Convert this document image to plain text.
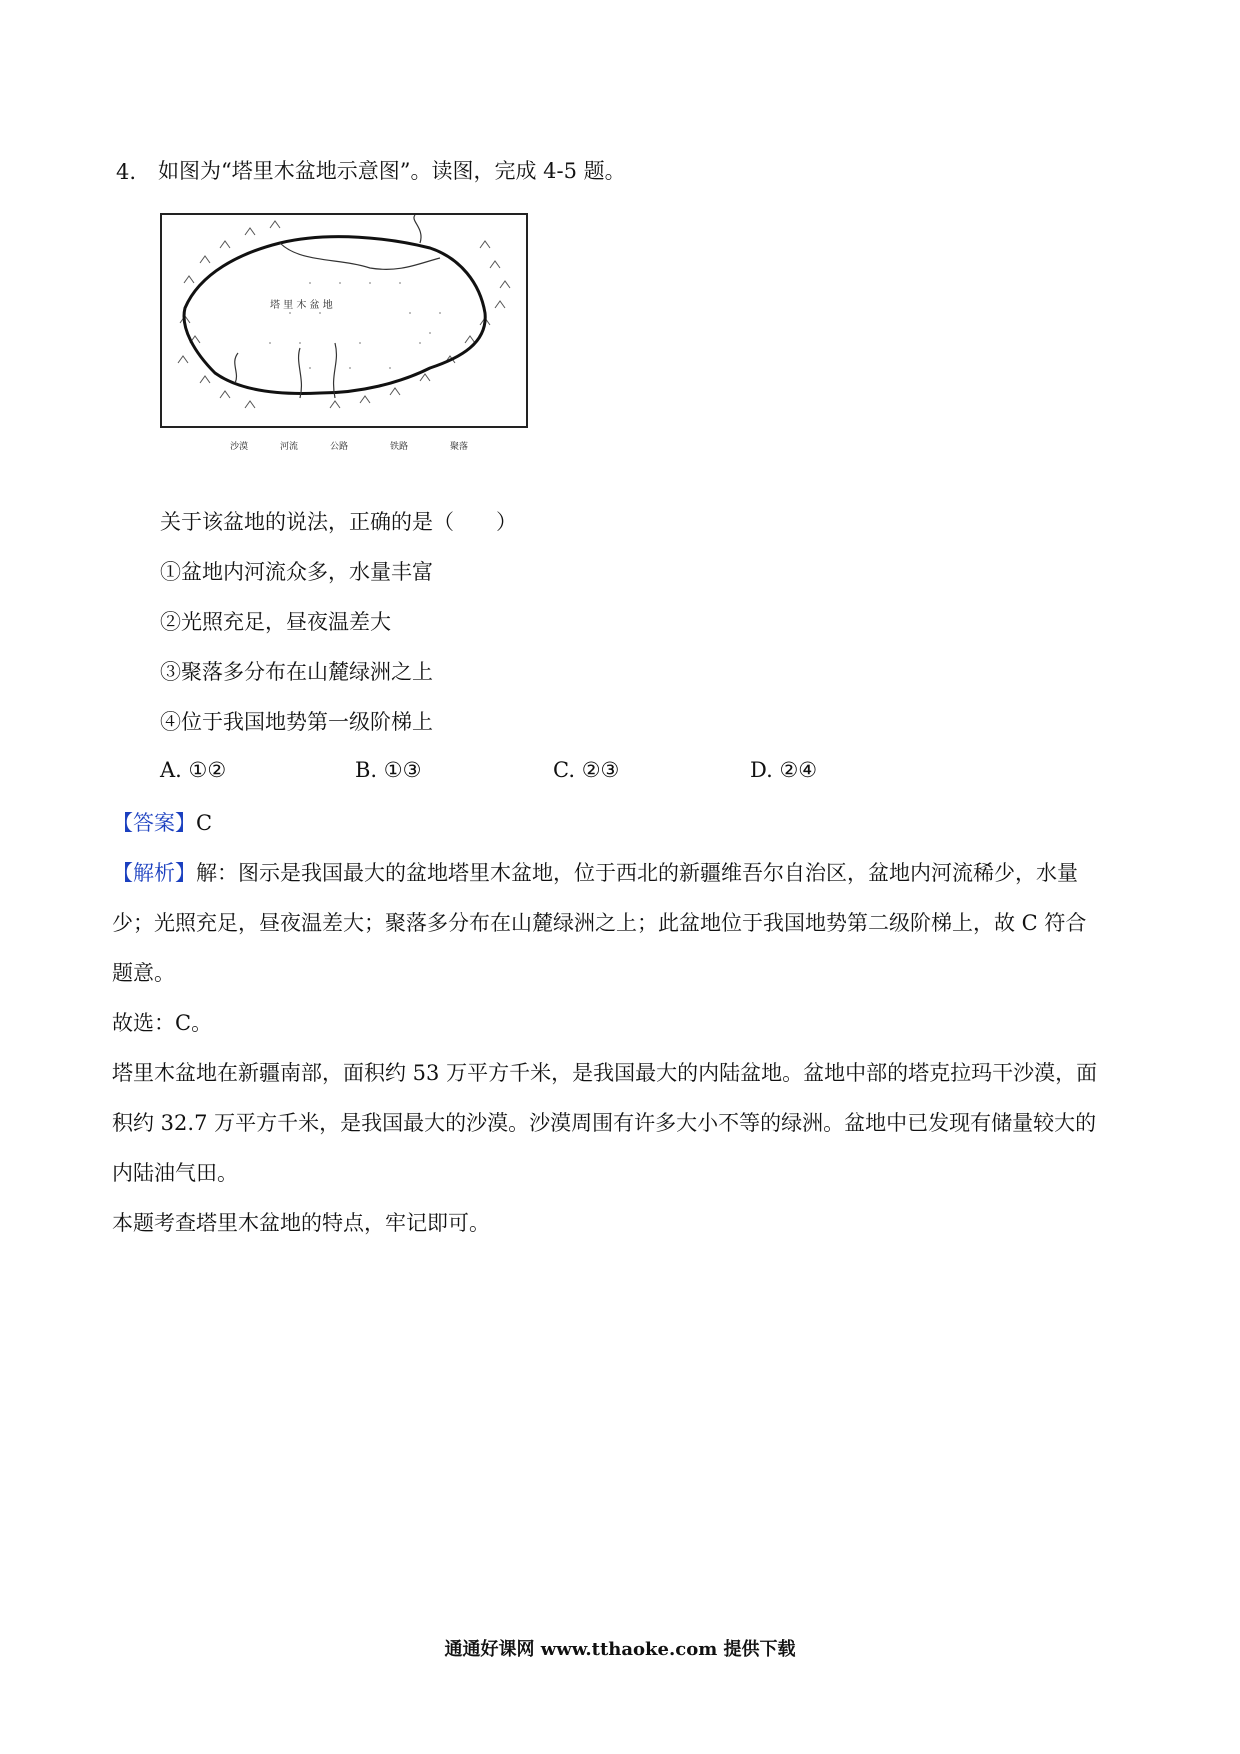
4. 如图为“塔里木盆地示意图”。读图，完成 4-5 题。
塔 里 木 盆 地
沙漠	河流	公路	铁路	聚落
关于该盆地的说法，正确的是（　　）
①盆地内河流众多，水量丰富
②光照充足，昼夜温差大
③聚落多分布在山麓绿洲之上
④位于我国地势第一级阶梯上
A. ①②	B. ①③	C. ②③	D. ②④
【答案】C
【解析】解：图示是我国最大的盆地塔里木盆地，位于西北的新疆维吾尔自治区，盆地内河流稀少，水量
少；光照充足，昼夜温差大；聚落多分布在山麓绿洲之上；此盆地位于我国地势第二级阶梯上，故 C 符合
题意。
故选：C。
塔里木盆地在新疆南部，面积约 53 万平方千米，是我国最大的内陆盆地。盆地中部的塔克拉玛干沙漠，面
积约 32.7 万平方千米，是我国最大的沙漠。沙漠周围有许多大小不等的绿洲。盆地中已发现有储量较大的
内陆油气田。
本题考查塔里木盆地的特点，牢记即可。
通通好课网 www.tthaoke.com 提供下载
